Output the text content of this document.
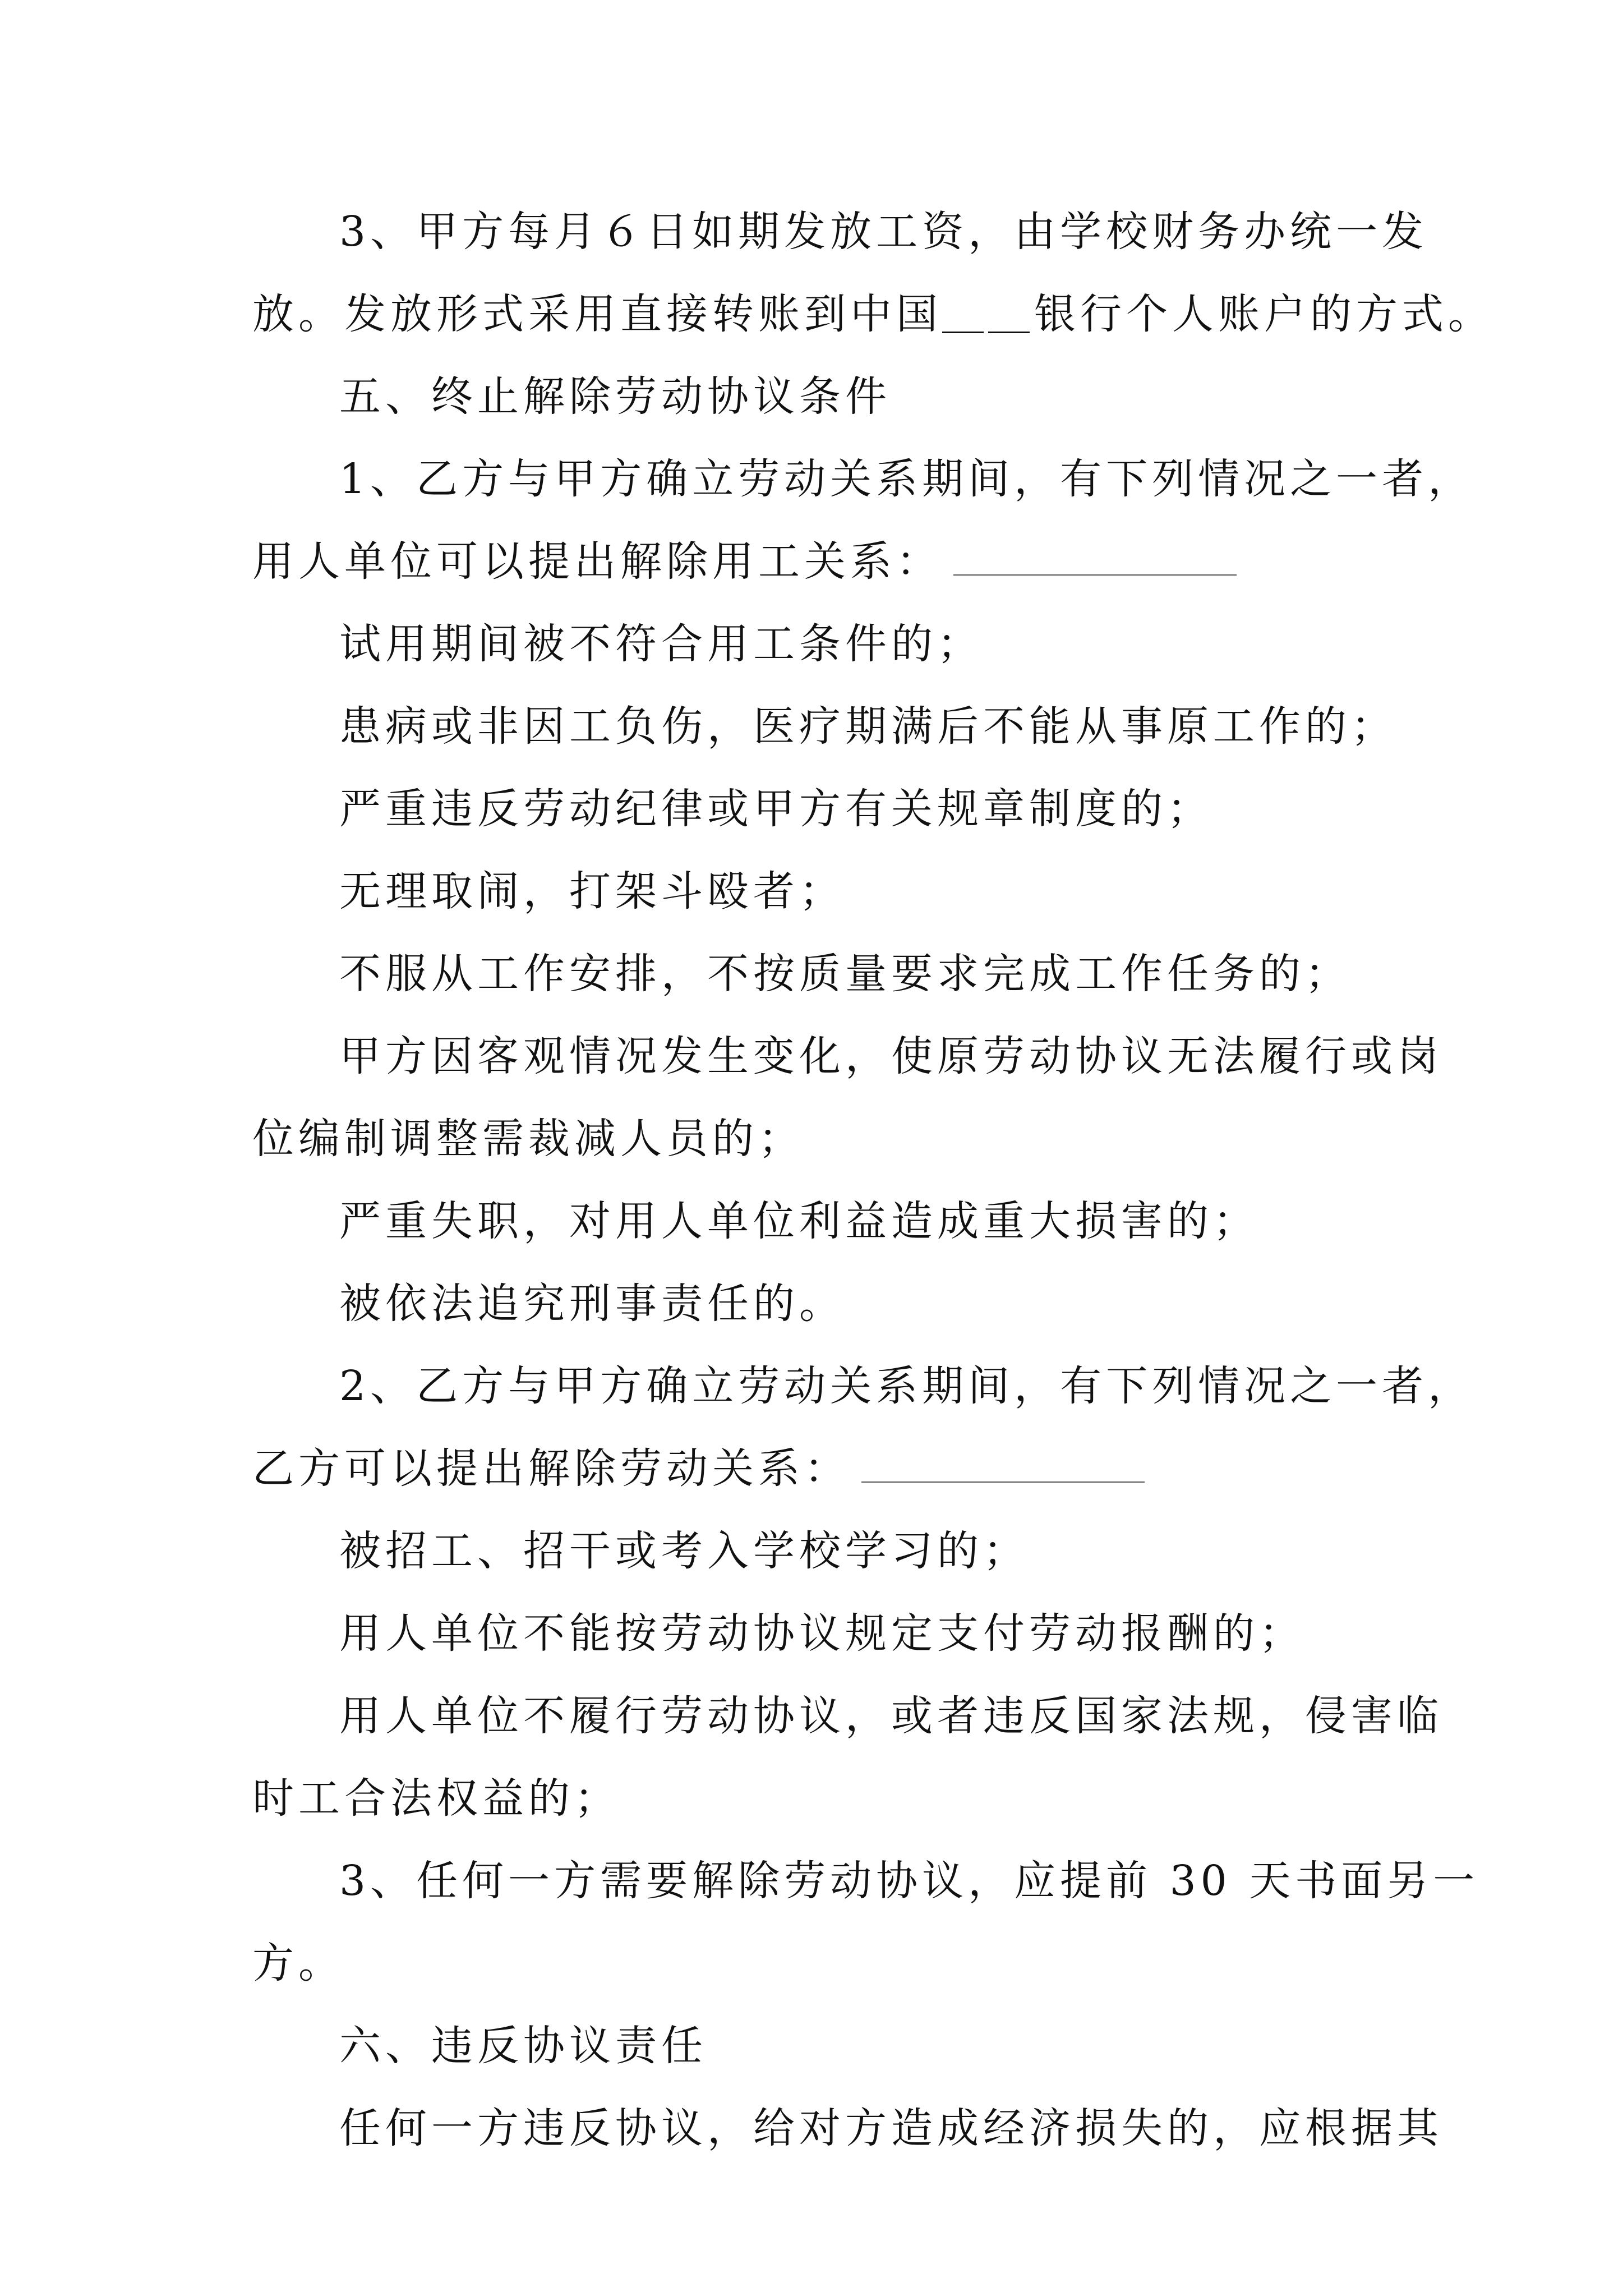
3、甲方每月６日如期发放工资，由学校财务办统一发
放。发放形式采用直接转账到中国＿＿银行个人账户的方式。
五、终止解除劳动协议条件
1、乙方与甲方确立劳动关系期间，有下列情况之一者，
用人单位可以提出解除用工关系：
试用期间被不符合用工条件的；
患病或非因工负伤，医疗期满后不能从事原工作的；
严重违反劳动纪律或甲方有关规章制度的；
无理取闹，打架斗殴者；
不服从工作安排，不按质量要求完成工作任务的；
甲方因客观情况发生变化，使原劳动协议无法履行或岗
位编制调整需裁减人员的；
严重失职，对用人单位利益造成重大损害的；
被依法追究刑事责任的。
2、乙方与甲方确立劳动关系期间，有下列情况之一者，
乙方可以提出解除劳动关系：
被招工、招干或考入学校学习的；
用人单位不能按劳动协议规定支付劳动报酬的；
用人单位不履行劳动协议，或者违反国家法规，侵害临
时工合法权益的；
3、任何一方需要解除劳动协议，应提前 30 天书面另一
方。
六、违反协议责任
任何一方违反协议，给对方造成经济损失的，应根据其
